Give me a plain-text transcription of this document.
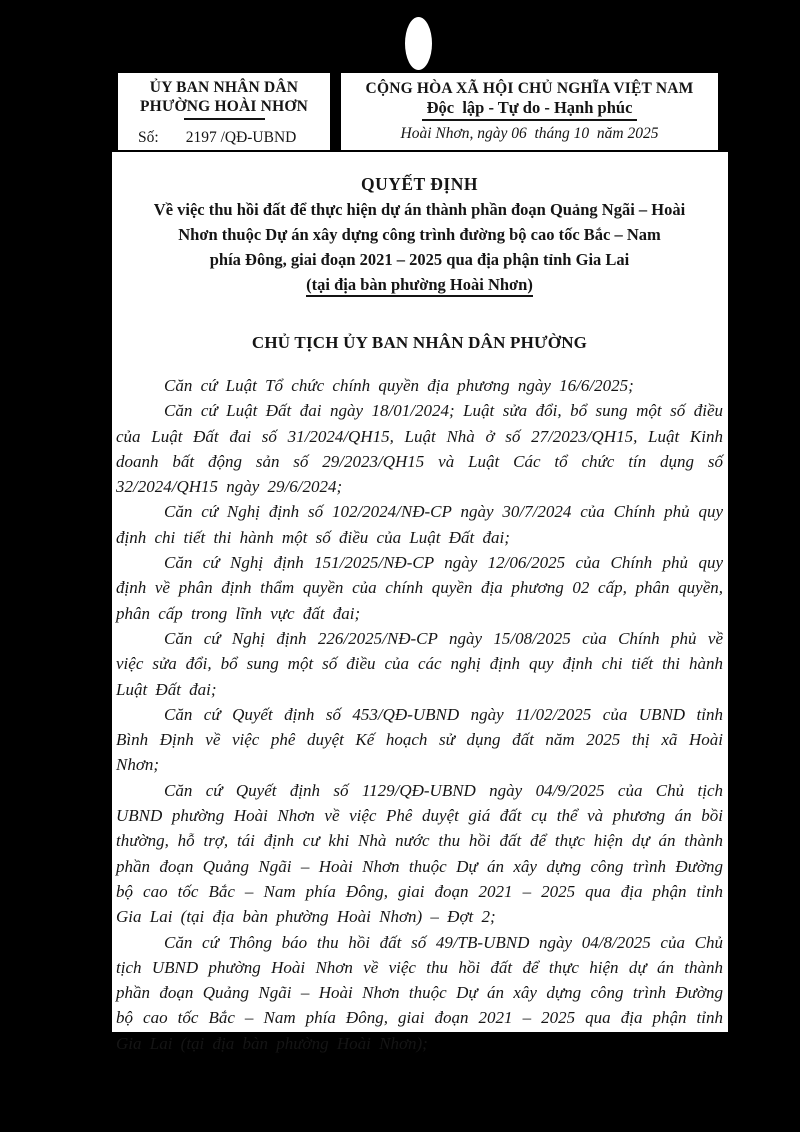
ỦY BAN NHÂN DÂN
PHƯỜNG HOÀI NHƠN
Số: 2197 /QĐ-UBND
CỘNG HÒA XÃ HỘI CHỦ NGHĨA VIỆT NAM
Độc  lập - Tự do - Hạnh phúc
Hoài Nhơn, ngày 06  tháng 10  năm 2025
QUYẾT ĐỊNH
Về việc thu hồi đất để thực hiện dự án thành phần đoạn Quảng Ngãi – Hoài
Nhơn thuộc Dự án xây dựng công trình đường bộ cao tốc Bắc – Nam
phía Đông, giai đoạn 2021 – 2025 qua địa phận tỉnh Gia Lai
(tại địa bàn phường Hoài Nhơn)
CHỦ TỊCH ỦY BAN NHÂN DÂN PHƯỜNG

Căn cứ Luật Tổ chức chính quyền địa phương ngày 16/6/2025;

Căn cứ Luật Đất đai ngày 18/01/2024; Luật sửa đổi, bổ sung một số điều của Luật Đất đai số 31/2024/QH15, Luật Nhà ở số 27/2023/QH15, Luật Kinh doanh bất động sản số 29/2023/QH15 và Luật Các tổ chức tín dụng số 32/2024/QH15 ngày 29/6/2024;

Căn cứ Nghị định số 102/2024/NĐ-CP ngày 30/7/2024 của Chính phủ quy định chi tiết thi hành một số điều của Luật Đất đai;

Căn cứ Nghị định 151/2025/NĐ-CP ngày 12/06/2025 của Chính phủ quy định về phân định thẩm quyền của chính quyền địa phương 02 cấp, phân quyền, phân cấp trong lĩnh vực đất đai;

Căn cứ Nghị định 226/2025/NĐ-CP ngày 15/08/2025 của Chính phủ về việc sửa đổi, bổ sung một số điều của các nghị định quy định chi tiết thi hành Luật Đất đai;

Căn cứ Quyết định số 453/QĐ-UBND ngày 11/02/2025 của UBND tỉnh Bình Định về việc phê duyệt Kế hoạch sử dụng đất năm 2025 thị xã Hoài Nhơn;

Căn cứ Quyết định số 1129/QĐ-UBND ngày 04/9/2025 của Chủ tịch UBND phường Hoài Nhơn về việc Phê duyệt giá đất cụ thể và phương án bồi thường, hỗ trợ, tái định cư khi Nhà nước thu hồi đất để thực hiện dự án thành phần đoạn Quảng Ngãi – Hoài Nhơn thuộc Dự án xây dựng công trình Đường bộ cao tốc Bắc – Nam phía Đông, giai đoạn 2021 – 2025 qua địa phận tỉnh Gia Lai (tại địa bàn phường Hoài Nhơn) – Đợt 2;

Căn cứ Thông báo thu hồi đất số 49/TB-UBND ngày 04/8/2025 của Chủ tịch UBND phường Hoài Nhơn về việc thu hồi đất để thực hiện dự án thành phần đoạn Quảng Ngãi – Hoài Nhơn thuộc Dự án xây dựng công trình Đường bộ cao tốc Bắc – Nam phía Đông, giai đoạn 2021 – 2025 qua địa phận tỉnh Gia Lai (tại địa bàn phường Hoài Nhơn);
